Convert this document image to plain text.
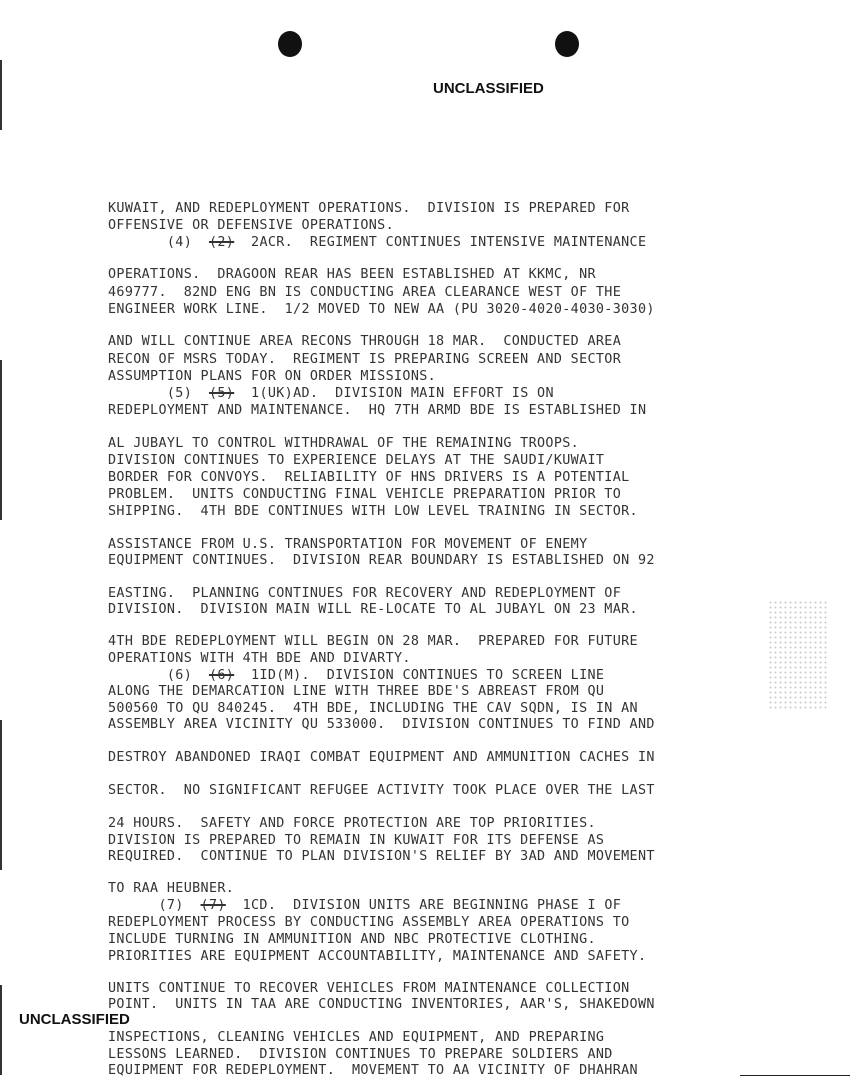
UNCLASSIFIED
KUWAIT, AND REDEPLOYMENT OPERATIONS.  DIVISION IS PREPARED FOR
OFFENSIVE OR DEFENSIVE OPERATIONS.
(4)  (2)  2ACR.  REGIMENT CONTINUES INTENSIVE MAINTENANCE
OPERATIONS.  DRAGOON REAR HAS BEEN ESTABLISHED AT KKMC, NR
469777.  82ND ENG BN IS CONDUCTING AREA CLEARANCE WEST OF THE
ENGINEER WORK LINE.  1/2 MOVED TO NEW AA (PU 3020-4020-4030-3030)
AND WILL CONTINUE AREA RECONS THROUGH 18 MAR.  CONDUCTED AREA
RECON OF MSRS TODAY.  REGIMENT IS PREPARING SCREEN AND SECTOR
ASSUMPTION PLANS FOR ON ORDER MISSIONS.
(5)  (5)  1(UK)AD.  DIVISION MAIN EFFORT IS ON
REDEPLOYMENT AND MAINTENANCE.  HQ 7TH ARMD BDE IS ESTABLISHED IN
AL JUBAYL TO CONTROL WITHDRAWAL OF THE REMAINING TROOPS.
DIVISION CONTINUES TO EXPERIENCE DELAYS AT THE SAUDI/KUWAIT
BORDER FOR CONVOYS.  RELIABILITY OF HNS DRIVERS IS A POTENTIAL
PROBLEM.  UNITS CONDUCTING FINAL VEHICLE PREPARATION PRIOR TO
SHIPPING.  4TH BDE CONTINUES WITH LOW LEVEL TRAINING IN SECTOR.
ASSISTANCE FROM U.S. TRANSPORTATION FOR MOVEMENT OF ENEMY
EQUIPMENT CONTINUES.  DIVISION REAR BOUNDARY IS ESTABLISHED ON 92
EASTING.  PLANNING CONTINUES FOR RECOVERY AND REDEPLOYMENT OF
DIVISION.  DIVISION MAIN WILL RE-LOCATE TO AL JUBAYL ON 23 MAR.
4TH BDE REDEPLOYMENT WILL BEGIN ON 28 MAR.  PREPARED FOR FUTURE
OPERATIONS WITH 4TH BDE AND DIVARTY.
(6)  (6)  1ID(M).  DIVISION CONTINUES TO SCREEN LINE
ALONG THE DEMARCATION LINE WITH THREE BDE'S ABREAST FROM QU
500560 TO QU 840245.  4TH BDE, INCLUDING THE CAV SQDN, IS IN AN
ASSEMBLY AREA VICINITY QU 533000.  DIVISION CONTINUES TO FIND AND
DESTROY ABANDONED IRAQI COMBAT EQUIPMENT AND AMMUNITION CACHES IN
SECTOR.  NO SIGNIFICANT REFUGEE ACTIVITY TOOK PLACE OVER THE LAST
24 HOURS.  SAFETY AND FORCE PROTECTION ARE TOP PRIORITIES.
DIVISION IS PREPARED TO REMAIN IN KUWAIT FOR ITS DEFENSE AS
REQUIRED.  CONTINUE TO PLAN DIVISION'S RELIEF BY 3AD AND MOVEMENT
TO RAA HEUBNER.
(7)  (7)  1CD.  DIVISION UNITS ARE BEGINNING PHASE I OF
REDEPLOYMENT PROCESS BY CONDUCTING ASSEMBLY AREA OPERATIONS TO
INCLUDE TURNING IN AMMUNITION AND NBC PROTECTIVE CLOTHING.
PRIORITIES ARE EQUIPMENT ACCOUNTABILITY, MAINTENANCE AND SAFETY.
UNITS CONTINUE TO RECOVER VEHICLES FROM MAINTENANCE COLLECTION
POINT.  UNITS IN TAA ARE CONDUCTING INVENTORIES, AAR'S, SHAKEDOWN
INSPECTIONS, CLEANING VEHICLES AND EQUIPMENT, AND PREPARING
LESSONS LEARNED.  DIVISION CONTINUES TO PREPARE SOLDIERS AND
EQUIPMENT FOR REDEPLOYMENT.  MOVEMENT TO AA VICINITY OF DHAHRAN
UNCLASSIFIED
